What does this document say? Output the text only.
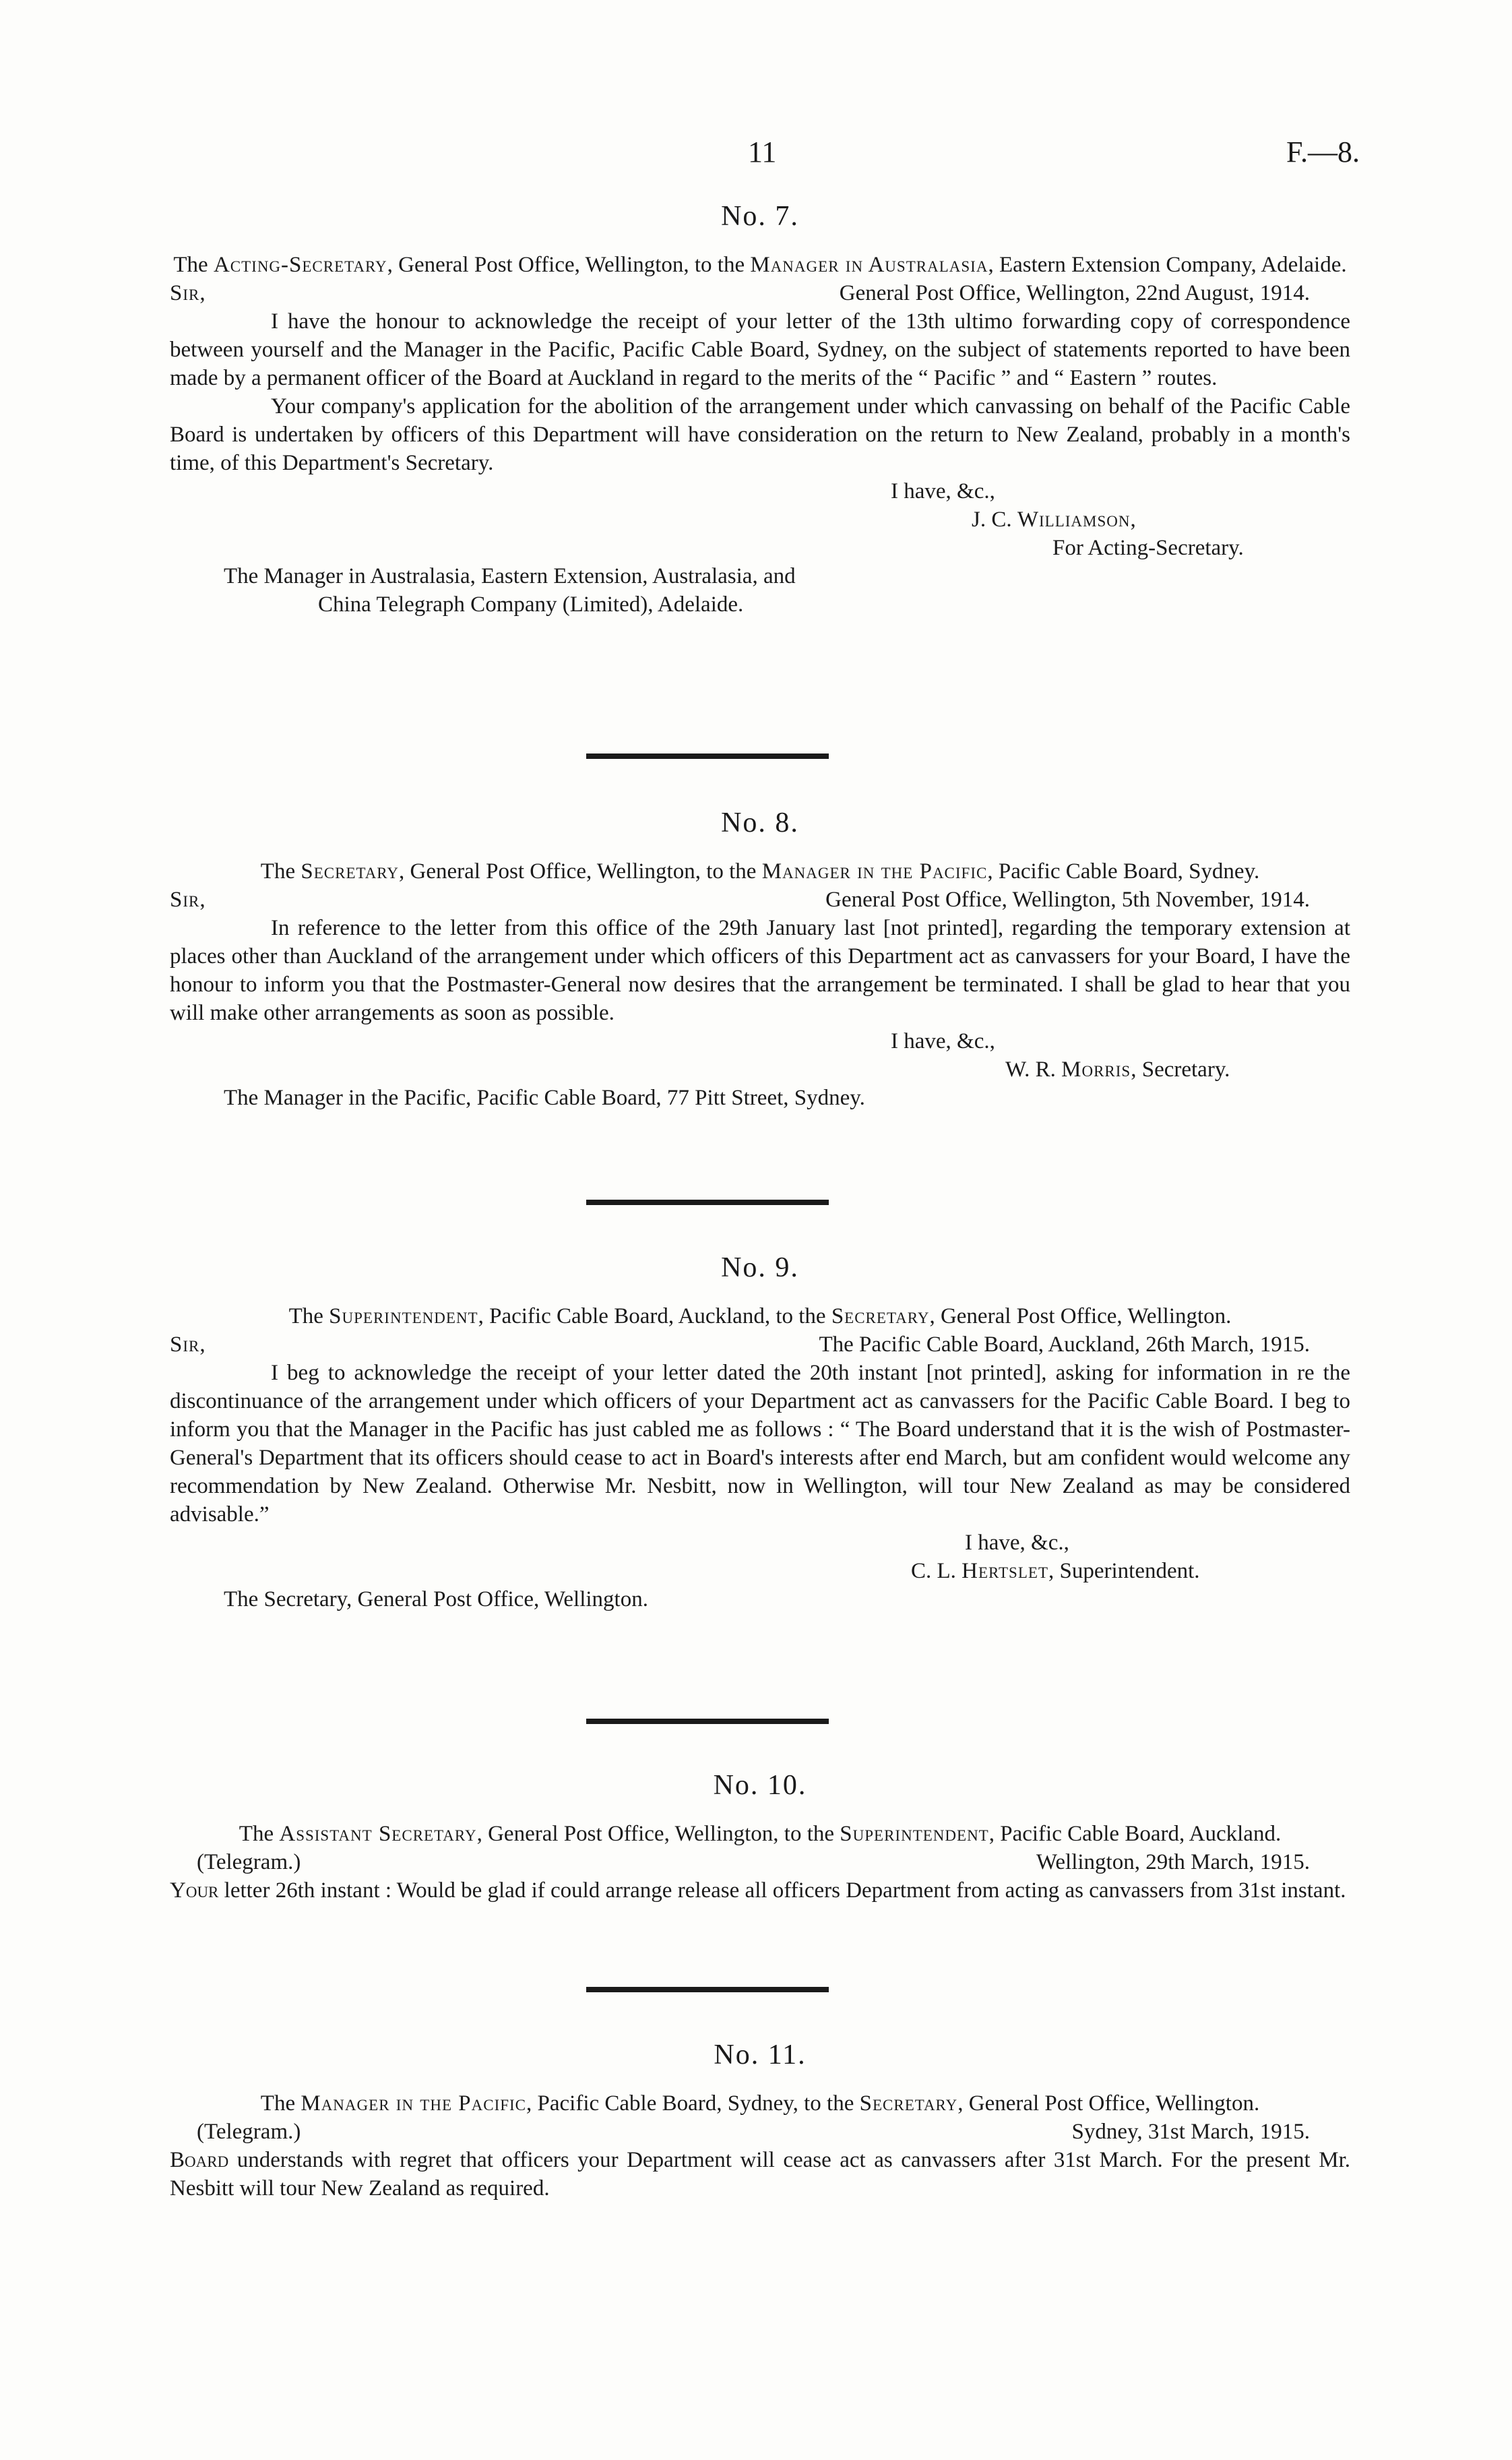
11	F.—8.

No. 7.

The Acting-Secretary, General Post Office, Wellington, to the Manager in Australasia, Eastern Extension Company, Adelaide.

Sir,	General Post Office, Wellington, 22nd August, 1914.

I have the honour to acknowledge the receipt of your letter of the 13th ultimo forwarding copy of correspondence between yourself and the Manager in the Pacific, Pacific Cable Board, Sydney, on the subject of statements reported to have been made by a permanent officer of the Board at Auckland in regard to the merits of the “ Pacific ” and “ Eastern ” routes.

Your company's application for the abolition of the arrangement under which canvassing on behalf of the Pacific Cable Board is undertaken by officers of this Department will have consideration on the return to New Zealand, probably in a month's time, of this Department's Secretary.

I have, &c.,

J. C. Williamson,

For Acting-Secretary.

The Manager in Australasia, Eastern Extension, Australasia, and
China Telegraph Company (Limited), Adelaide.

No. 8.

The Secretary, General Post Office, Wellington, to the Manager in the Pacific, Pacific Cable Board, Sydney.

Sir,	General Post Office, Wellington, 5th November, 1914.

In reference to the letter from this office of the 29th January last [not printed], regarding the temporary extension at places other than Auckland of the arrangement under which officers of this Department act as canvassers for your Board, I have the honour to inform you that the Postmaster-General now desires that the arrangement be terminated. I shall be glad to hear that you will make other arrangements as soon as possible.

I have, &c.,

W. R. Morris, Secretary.

The Manager in the Pacific, Pacific Cable Board, 77 Pitt Street, Sydney.

No. 9.

The Superintendent, Pacific Cable Board, Auckland, to the Secretary, General Post Office, Wellington.

Sir,	The Pacific Cable Board, Auckland, 26th March, 1915.

I beg to acknowledge the receipt of your letter dated the 20th instant [not printed], asking for information in re the discontinuance of the arrangement under which officers of your Department act as canvassers for the Pacific Cable Board. I beg to inform you that the Manager in the Pacific has just cabled me as follows : “ The Board understand that it is the wish of Postmaster-General's Department that its officers should cease to act in Board's interests after end March, but am confident would welcome any recommendation by New Zealand. Otherwise Mr. Nesbitt, now in Wellington, will tour New Zealand as may be considered advisable.”

I have, &c.,

C. L. Hertslet, Superintendent.

The Secretary, General Post Office, Wellington.

No. 10.

The Assistant Secretary, General Post Office, Wellington, to the Superintendent, Pacific Cable Board, Auckland.

(Telegram.)	Wellington, 29th March, 1915.

Your letter 26th instant : Would be glad if could arrange release all officers Department from acting as canvassers from 31st instant.

No. 11.

The Manager in the Pacific, Pacific Cable Board, Sydney, to the Secretary, General Post Office, Wellington.

(Telegram.)	Sydney, 31st March, 1915.

Board understands with regret that officers your Department will cease act as canvassers after 31st March. For the present Mr. Nesbitt will tour New Zealand as required.
